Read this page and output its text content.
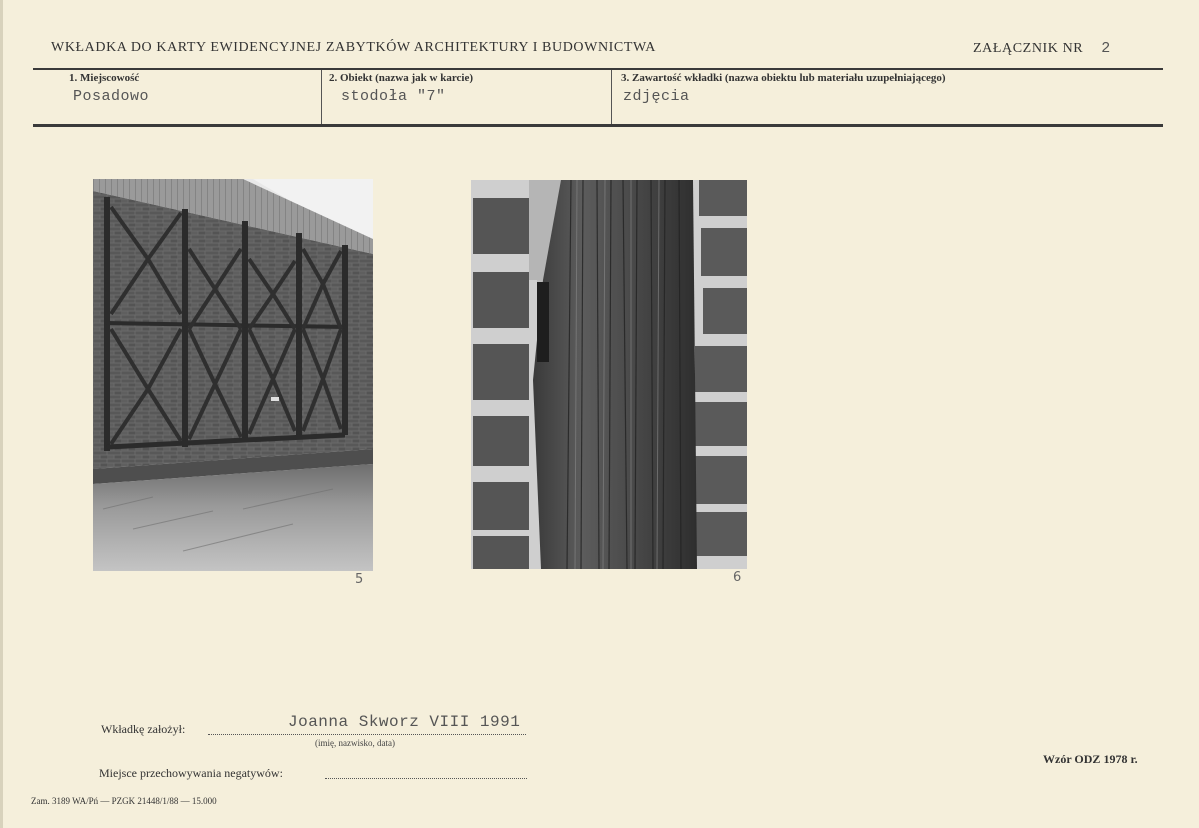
WKŁADKA DO KARTY EWIDENCYJNEJ ZABYTKÓW ARCHITEKTURY I BUDOWNICTWA	ZAŁĄCZNIK NR 2
1. Miejscowość
Posadowo
2. Obiekt (nazwa jak w karcie)
stodoła "7"
3. Zawartość wkładki (nazwa obiektu lub materiału uzupełniającego)
zdjęcia
5	6
Wkładkę założył:	Joanna Skworz VIII 1991
(imię, nazwisko, data)
Miejsce przechowywania negatywów:
Wzór ODZ 1978 r.
Zam. 3189 WA/Pń — PZGK 21448/1/88 — 15.000
